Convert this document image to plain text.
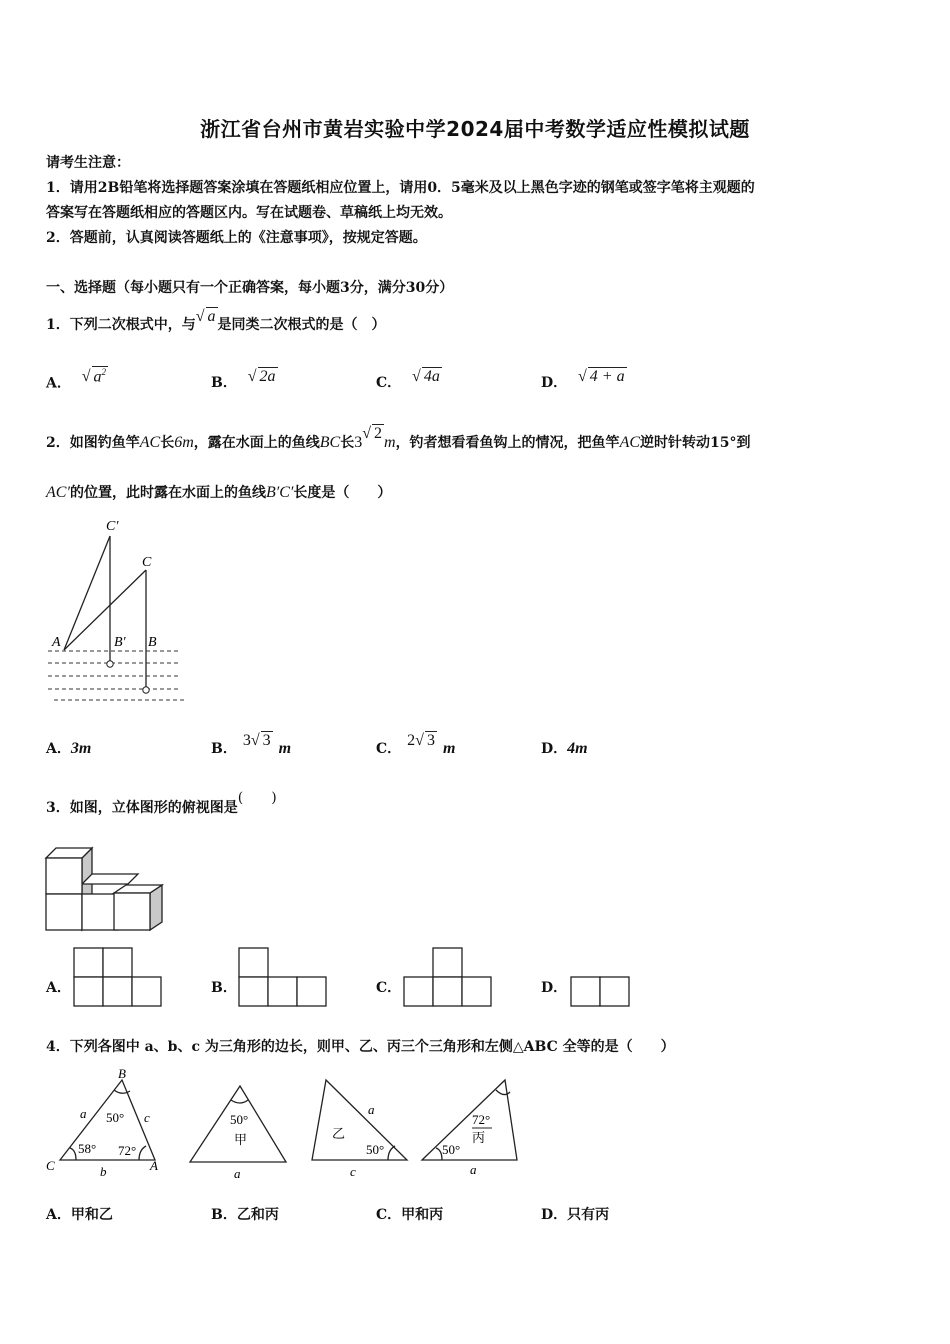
浙江省台州市黄岩实验中学2024届中考数学适应性模拟试题
请考生注意：
1．请用2B铅笔将选择题答案涂填在答题纸相应位置上，请用0．5毫米及以上黑色字迹的钢笔或签字笔将主观题的
答案写在答题纸相应的答题区内。写在试题卷、草稿纸上均无效。
2．答题前，认真阅读答题纸上的《注意事项》，按规定答题。
一、选择题（每小题只有一个正确答案，每小题3分，满分30分）
1．下列二次根式中，与√ a 是同类二次根式的是（　）
A． √ $a^2$
B． √ 2a	C． √ 4a	D． √ 4 + a
2．如图钓鱼竿AC长6m，露在水面上的鱼线BC长3√ 2m，钓者想看看鱼钩上的情况，把鱼竿AC逆时针转动15°到
AC′的位置，此时露在水面上的鱼线B′C′长度是（　　）
C′
C
A	B′ B
A．3m	B． 3√ 3 m	C． 2√ 3 m	D．4m
3．如图，立体图形的俯视图是(　　)
A．	B．	C．	D．
4．下列各图中 a、b、c 为三角形的边长，则甲、乙、丙三个三角形和左侧△ABC 全等的是（　　）
B
C	A
a	c
b
50°
58° 72°
50°
甲
a
乙
a
50°
c
72°
丙
50°
a
A．甲和乙	B．乙和丙	C．甲和丙	D．只有丙
